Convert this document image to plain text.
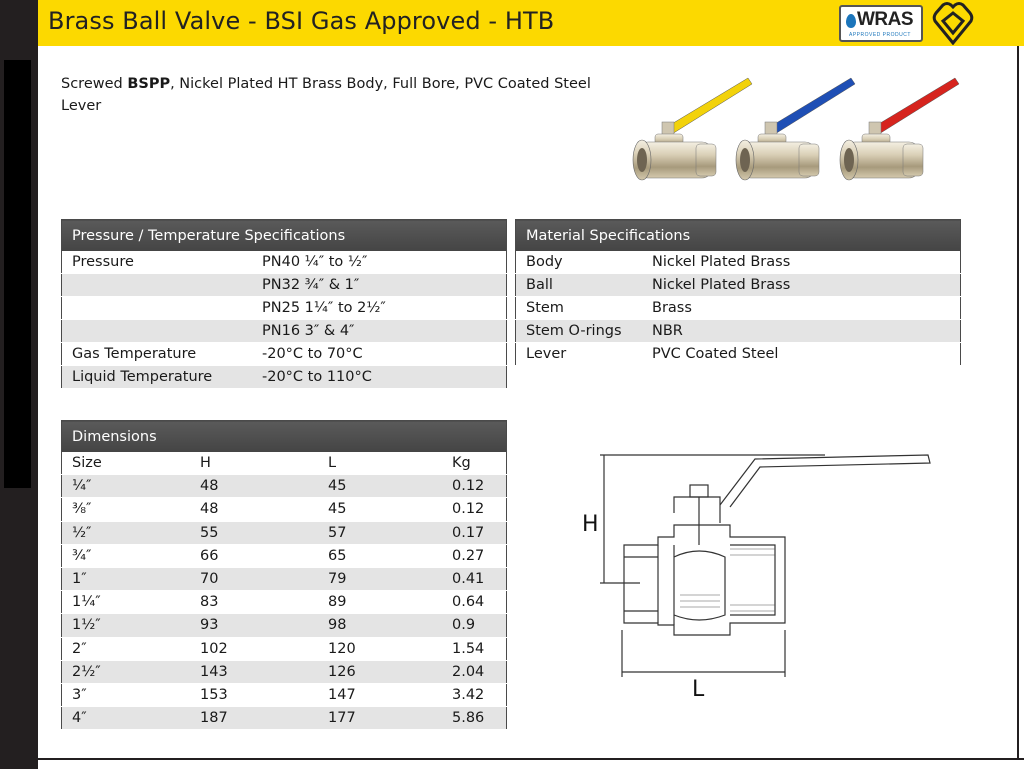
Brass Ball Valve - BSI Gas Approved - HTB	WRAS
APPROVED PRODUCT
Screwed BSPP, Nickel Plated HT Brass Body, Full Bore, PVC Coated Steel Lever
Pressure / Temperature Specifications	
Pressure	PN40 ¼″ to ½″
	PN32 ¾″ & 1″
	PN25 1¼″ to 2½″
	PN16 3″ & 4″
Gas Temperature	-20°C to 70°C
Liquid Temperature	-20°C to 110°C
Material Specifications	
Body	Nickel Plated Brass
Ball	Nickel Plated Brass
Stem	Brass
Stem O-rings	NBR
Lever	PVC Coated Steel
Dimensions			
Size	H	L	Kg
¼″	48	45	0.12
⅜″	48	45	0.12
½″	55	57	0.17
¾″	66	65	0.27
1″	70	79	0.41
1¼″	83	89	0.64
1½″	93	98	0.9
2″	102	120	1.54
2½″	143	126	2.04
3″	153	147	3.42
4″	187	177	5.86
H
L
